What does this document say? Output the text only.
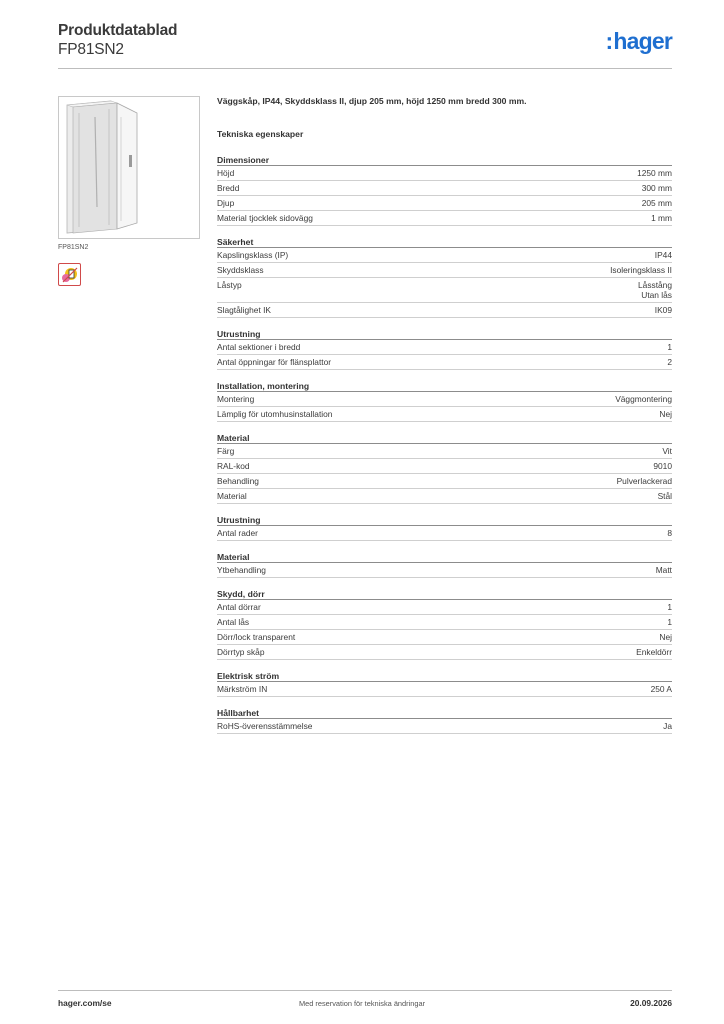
Produktdatablad
FP81SN2	:hager
FP81SN2
Väggskåp, IP44, Skyddsklass II, djup 205 mm, höjd 1250 mm bredd 300 mm.
Tekniska egenskaper
Dimensioner
Höjd	1250 mm
Bredd	300 mm
Djup	205 mm
Material tjocklek sidovägg	1 mm
Säkerhet
Kapslingsklass (IP)	IP44
Skyddsklass	Isoleringsklass II
Låstyp	Låsstång
Utan lås
Slagtålighet IK	IK09
Utrustning
Antal sektioner i bredd	1
Antal öppningar för flänsplattor	2
Installation, montering
Montering	Väggmontering
Lämplig för utomhusinstallation	Nej
Material
Färg	Vit
RAL-kod	9010
Behandling	Pulverlackerad
Material	Stål
Utrustning
Antal rader	8
Material
Ytbehandling	Matt
Skydd, dörr
Antal dörrar	1
Antal lås	1
Dörr/lock transparent	Nej
Dörrtyp skåp	Enkeldörr
Elektrisk ström
Märkström IN	250 A
Hållbarhet
RoHS-överensstämmelse	Ja
hager.com/se	Med reservation för tekniska ändringar	20.09.2026
